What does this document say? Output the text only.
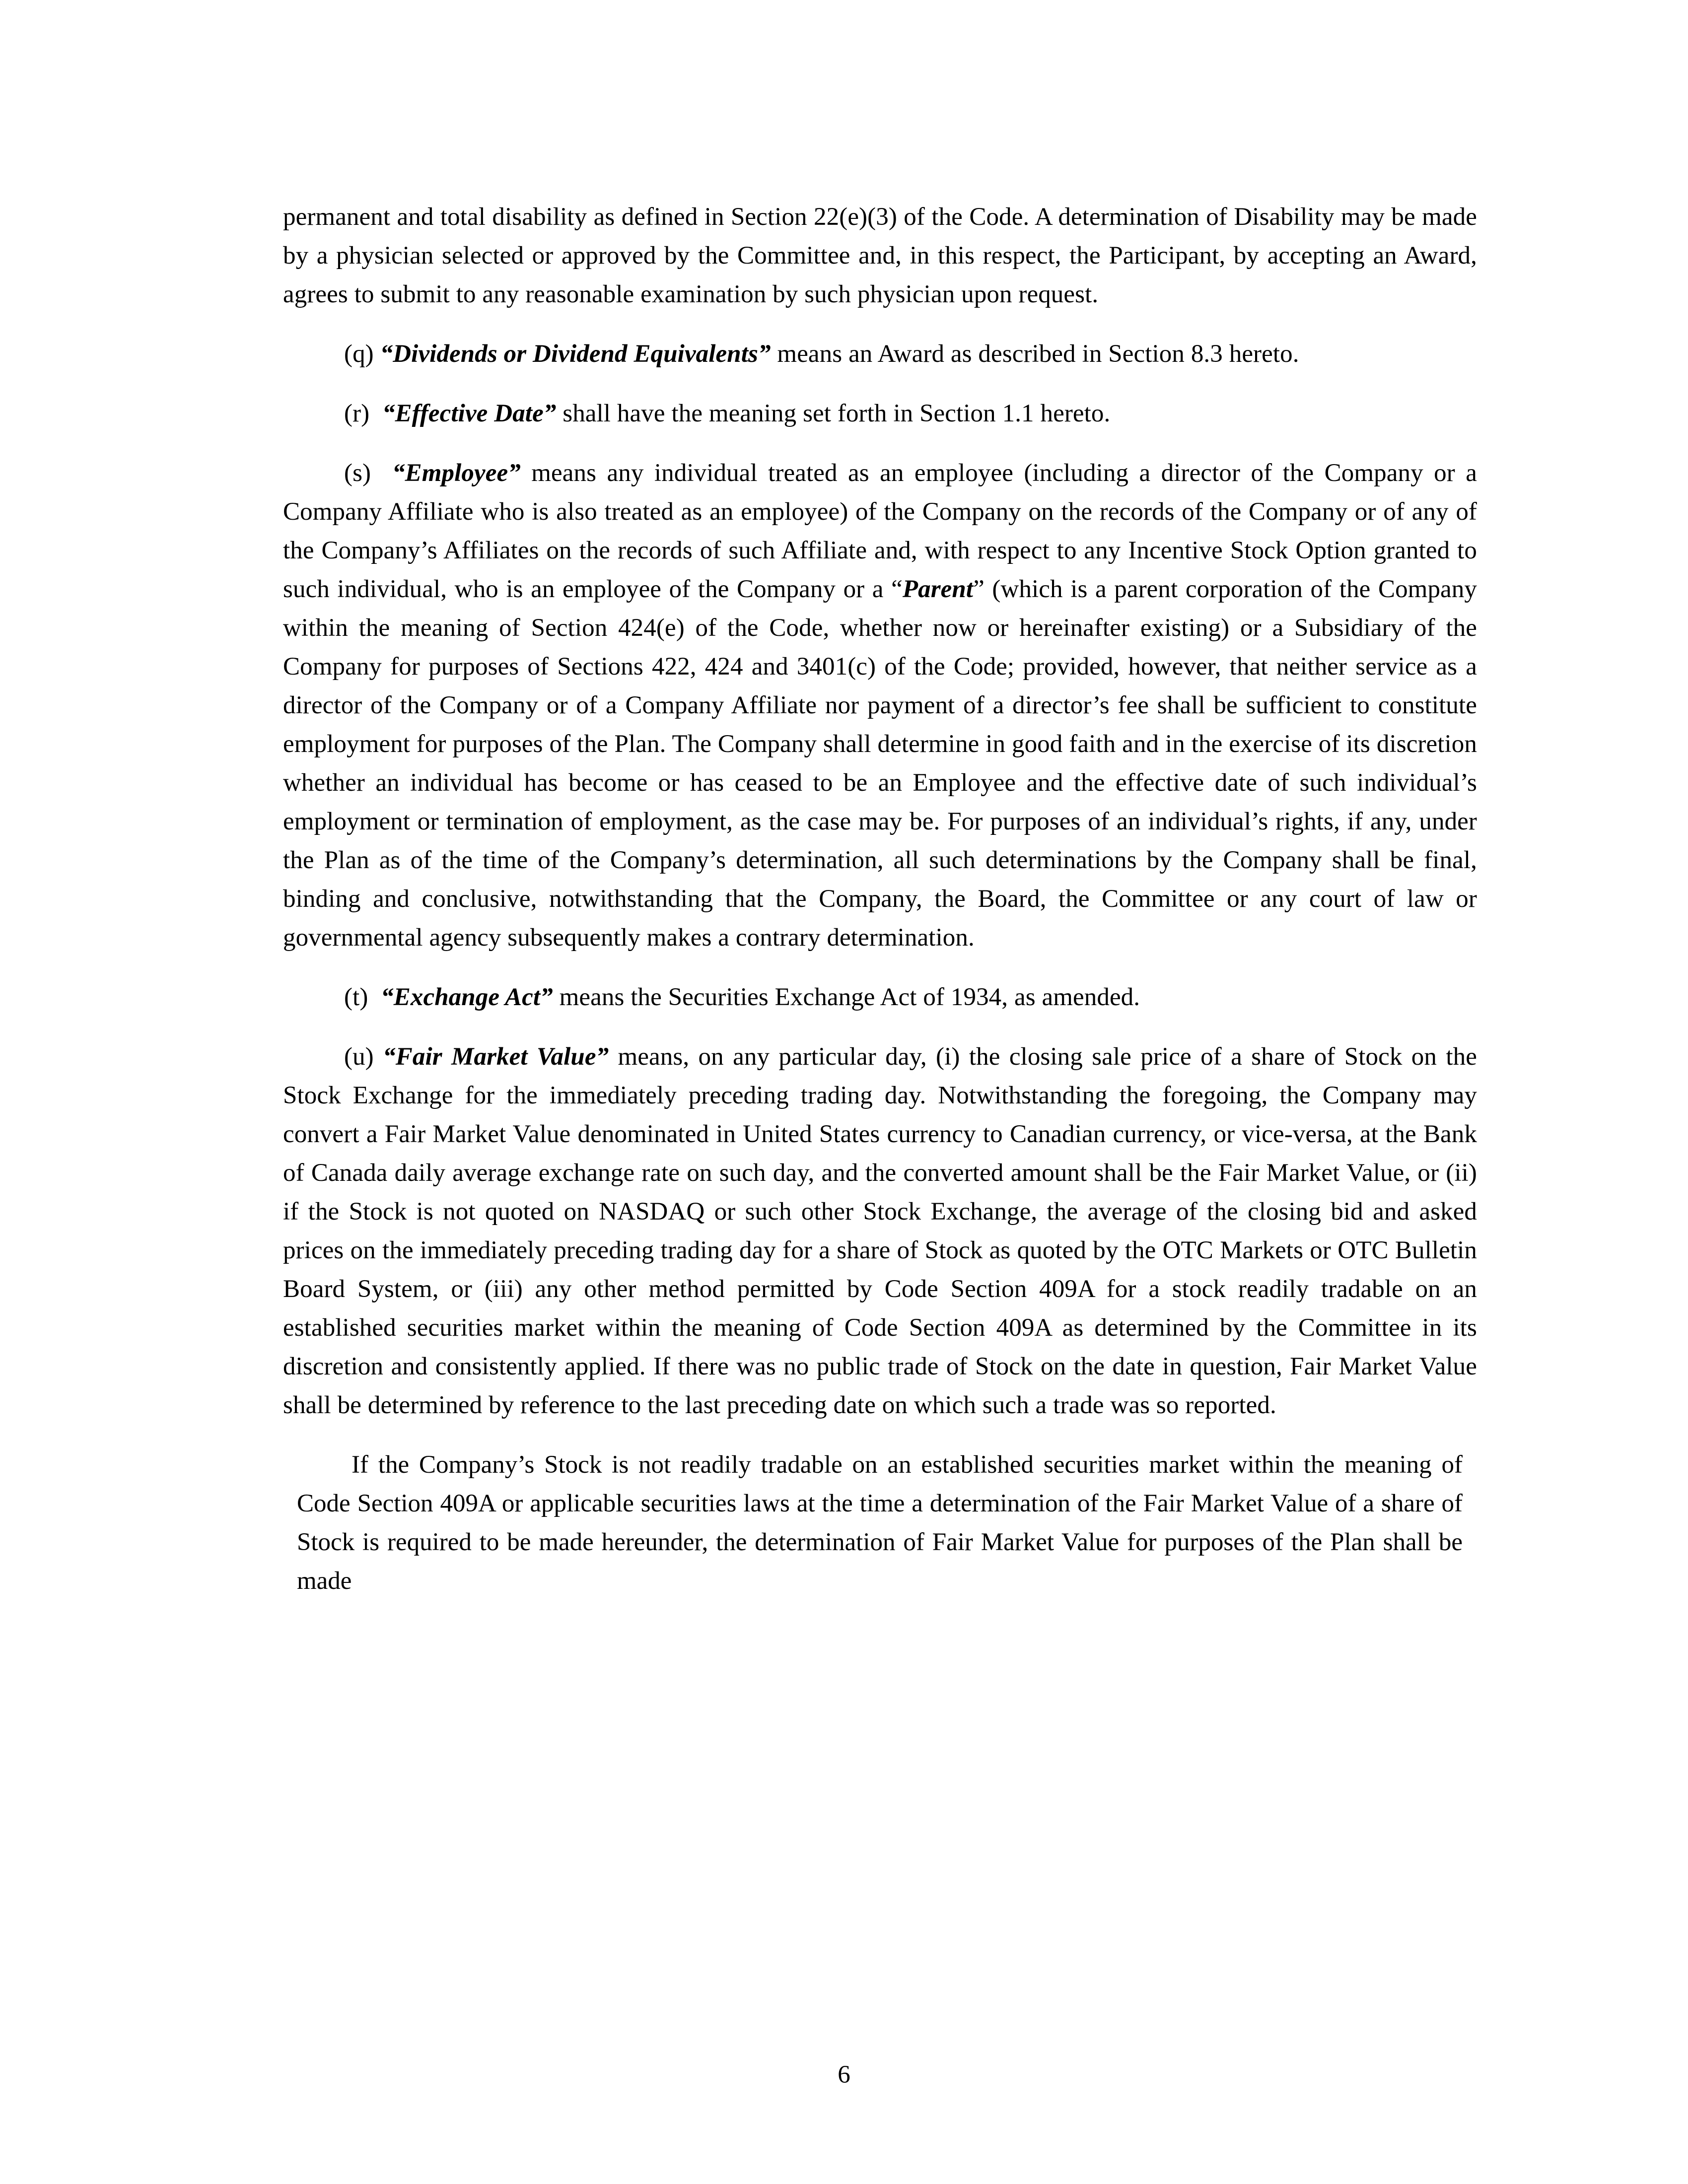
permanent and total disability as defined in Section 22(e)(3) of the Code. A determination of Disability may be made by a physician selected or approved by the Committee and, in this respect, the Participant, by accepting an Award, agrees to submit to any reasonable examination by such physician upon request.

(q) “Dividends or Dividend Equivalents” means an Award as described in Section 8.3 hereto.

(r) “Effective Date” shall have the meaning set forth in Section 1.1 hereto.

(s) “Employee” means any individual treated as an employee (including a director of the Company or a Company Affiliate who is also treated as an employee) of the Company on the records of the Company or of any of the Company’s Affiliates on the records of such Affiliate and, with respect to any Incentive Stock Option granted to such individual, who is an employee of the Company or a “Parent” (which is a parent corporation of the Company within the meaning of Section 424(e) of the Code, whether now or hereinafter existing) or a Subsidiary of the Company for purposes of Sections 422, 424 and 3401(c) of the Code; provided, however, that neither service as a director of the Company or of a Company Affiliate nor payment of a director’s fee shall be sufficient to constitute employment for purposes of the Plan. The Company shall determine in good faith and in the exercise of its discretion whether an individual has become or has ceased to be an Employee and the effective date of such individual’s employment or termination of employment, as the case may be. For purposes of an individual’s rights, if any, under the Plan as of the time of the Company’s determination, all such determinations by the Company shall be final, binding and conclusive, notwithstanding that the Company, the Board, the Committee or any court of law or governmental agency subsequently makes a contrary determination.

(t) “Exchange Act” means the Securities Exchange Act of 1934, as amended.

(u) “Fair Market Value” means, on any particular day, (i) the closing sale price of a share of Stock on the Stock Exchange for the immediately preceding trading day. Notwithstanding the foregoing, the Company may convert a Fair Market Value denominated in United States currency to Canadian currency, or vice-versa, at the Bank of Canada daily average exchange rate on such day, and the converted amount shall be the Fair Market Value, or (ii) if the Stock is not quoted on NASDAQ or such other Stock Exchange, the average of the closing bid and asked prices on the immediately preceding trading day for a share of Stock as quoted by the OTC Markets or OTC Bulletin Board System, or (iii) any other method permitted by Code Section 409A for a stock readily tradable on an established securities market within the meaning of Code Section 409A as determined by the Committee in its discretion and consistently applied. If there was no public trade of Stock on the date in question, Fair Market Value shall be determined by reference to the last preceding date on which such a trade was so reported.

If the Company’s Stock is not readily tradable on an established securities market within the meaning of Code Section 409A or applicable securities laws at the time a determination of the Fair Market Value of a share of Stock is required to be made hereunder, the determination of Fair Market Value for purposes of the Plan shall be made

6
